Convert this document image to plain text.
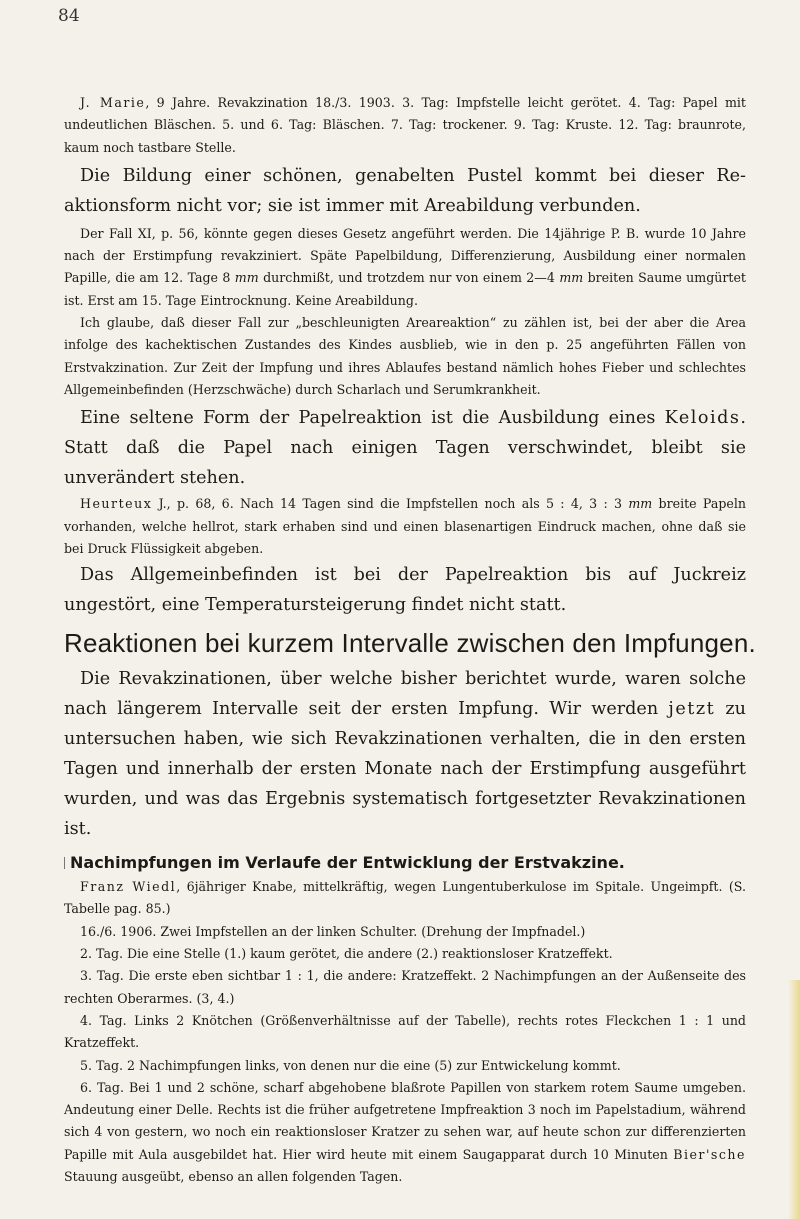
84

J. Marie, 9 Jahre. Revakzination 18./3. 1903. 3. Tag: Impfstelle leicht gerötet. 4. Tag: Papel mit undeutlichen Bläschen. 5. und 6. Tag: Bläschen. 7. Tag: trockener. 9. Tag: Kruste. 12. Tag: braunrote, kaum noch tastbare Stelle.

Die Bildung einer schönen, genabelten Pustel kommt bei dieser Reaktionsform nicht vor; sie ist immer mit Areabildung verbunden.

Der Fall XI, p. 56, könnte gegen dieses Gesetz angeführt werden. Die 14jährige P. B. wurde 10 Jahre nach der Erstimpfung revakziniert. Späte Papelbildung, Differenzierung, Ausbildung einer normalen Papille, die am 12. Tage 8 mm durchmißt, und trotzdem nur von einem 2—4 mm breiten Saume umgürtet ist. Erst am 15. Tage Eintrocknung. Keine Areabildung.

Ich glaube, daß dieser Fall zur „beschleunigten Areareaktion“ zu zählen ist, bei der aber die Area infolge des kachektischen Zustandes des Kindes ausblieb, wie in den p. 25 angeführten Fällen von Erstvakzination. Zur Zeit der Impfung und ihres Ablaufes bestand nämlich hohes Fieber und schlechtes Allgemeinbefinden (Herzschwäche) durch Scharlach und Serumkrankheit.

Eine seltene Form der Papelreaktion ist die Ausbildung eines Keloids. Statt daß die Papel nach einigen Tagen verschwindet, bleibt sie unverändert stehen.

Heurteux J., p. 68, 6. Nach 14 Tagen sind die Impfstellen noch als 5 : 4, 3 : 3 mm breite Papeln vorhanden, welche hellrot, stark erhaben sind und einen blasenartigen Eindruck machen, ohne daß sie bei Druck Flüssigkeit abgeben.

Das Allgemeinbefinden ist bei der Papelreaktion bis auf Juckreiz ungestört, eine Temperatursteigerung findet nicht statt.

Reaktionen bei kurzem Intervalle zwischen den Impfungen.

Die Revakzinationen, über welche bisher berichtet wurde, waren solche nach längerem Intervalle seit der ersten Impfung. Wir werden jetzt zu untersuchen haben, wie sich Revakzinationen verhalten, die in den ersten Tagen und innerhalb der ersten Monate nach der Erstimpfung ausgeführt wurden, und was das Ergebnis systematisch fortgesetzter Revakzinationen ist.

Nachimpfungen im Verlaufe der Entwicklung der Erstvakzine.

Franz Wiedl, 6jähriger Knabe, mittelkräftig, wegen Lungentuberkulose im Spitale. Ungeimpft. (S. Tabelle pag. 85.)

16./6. 1906. Zwei Impfstellen an der linken Schulter. (Drehung der Impfnadel.)

2. Tag. Die eine Stelle (1.) kaum gerötet, die andere (2.) reaktionsloser Kratzeffekt.

3. Tag. Die erste eben sichtbar 1 : 1, die andere: Kratzeffekt. 2 Nachimpfungen an der Außenseite des rechten Oberarmes. (3, 4.)

4. Tag. Links 2 Knötchen (Größenverhältnisse auf der Tabelle), rechts rotes Fleckchen 1 : 1 und Kratzeffekt.

5. Tag. 2 Nachimpfungen links, von denen nur die eine (5) zur Entwickelung kommt.

6. Tag. Bei 1 und 2 schöne, scharf abgehobene blaßrote Papillen von starkem rotem Saume umgeben. Andeutung einer Delle. Rechts ist die früher aufgetretene Impfreaktion 3 noch im Papelstadium, während sich 4 von gestern, wo noch ein reaktionsloser Kratzer zu sehen war, auf heute schon zur differenzierten Papille mit Aula ausgebildet hat. Hier wird heute mit einem Saugapparat durch 10 Minuten Bier'sche Stauung ausgeübt, ebenso an allen folgenden Tagen.
